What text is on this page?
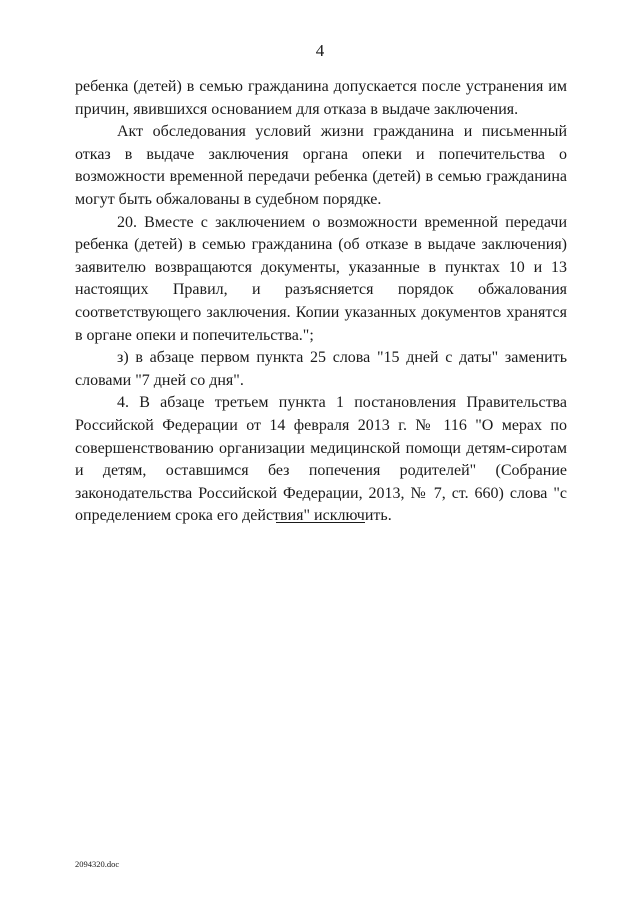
4

ребенка (детей) в семью гражданина допускается после устранения им причин, явившихся основанием для отказа в выдаче заключения.

Акт обследования условий жизни гражданина и письменный отказ в выдаче заключения органа опеки и попечительства о возможности временной передачи ребенка (детей) в семью гражданина могут быть обжалованы в судебном порядке.

20. Вместе с заключением о возможности временной передачи ребенка (детей) в семью гражданина (об отказе в выдаче заключения) заявителю возвращаются документы, указанные в пунктах 10 и 13 настоящих Правил, и разъясняется порядок обжалования соответствующего заключения. Копии указанных документов хранятся в органе опеки и попечительства.";

з) в абзаце первом пункта 25 слова "15 дней с даты" заменить словами "7 дней со дня".

4. В абзаце третьем пункта 1 постановления Правительства Российской Федерации от 14 февраля 2013 г. № 116 "О мерах по совершенствованию организации медицинской помощи детям-сиротам и детям, оставшимся без попечения родителей" (Собрание законодательства Российской Федерации, 2013, № 7, ст. 660) слова "с определением срока его действия" исключить.

2094320.doc
